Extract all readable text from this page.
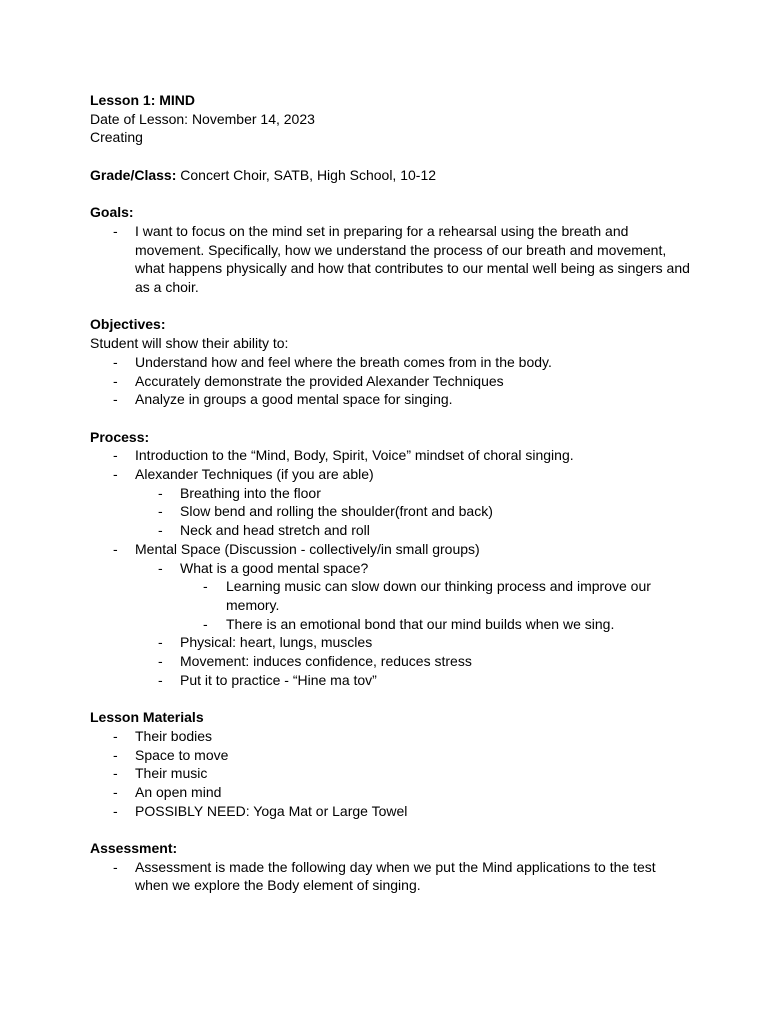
Lesson 1: MIND
Date of Lesson: November 14, 2023
Creating
Grade/Class: Concert Choir, SATB, High School, 10-12
Goals:
- I want to focus on the mind set in preparing for a rehearsal using the breath and movement. Specifically, how we understand the process of our breath and movement, what happens physically and how that contributes to our mental well being as singers and as a choir.
Objectives:
Student will show their ability to:
- Understand how and feel where the breath comes from in the body.
- Accurately demonstrate the provided Alexander Techniques
- Analyze in groups a good mental space for singing.
Process:
- Introduction to the “Mind, Body, Spirit, Voice” mindset of choral singing.
- Alexander Techniques (if you are able)
- Breathing into the floor
- Slow bend and rolling the shoulder(front and back)
- Neck and head stretch and roll
- Mental Space (Discussion - collectively/in small groups)
- What is a good mental space?
- Learning music can slow down our thinking process and improve our memory.
- There is an emotional bond that our mind builds when we sing.
- Physical: heart, lungs, muscles
- Movement: induces confidence, reduces stress
- Put it to practice - “Hine ma tov”
Lesson Materials
- Their bodies
- Space to move
- Their music
- An open mind
- POSSIBLY NEED: Yoga Mat or Large Towel
Assessment:
- Assessment is made the following day when we put the Mind applications to the test when we explore the Body element of singing.
